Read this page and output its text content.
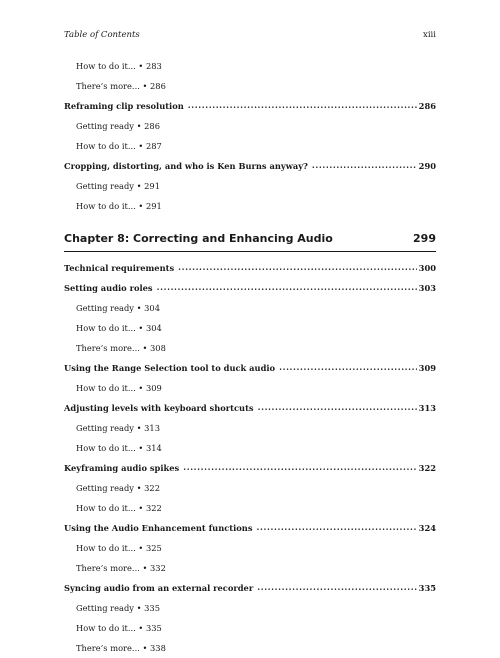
Table of Contents	xiii
How to do it... • 283
There’s more... • 286
Reframing clip resolution .....	286
Getting ready • 286
How to do it... • 287
Cropping, distorting, and who is Ken Burns anyway? .....	290
Getting ready • 291
How to do it... • 291
Chapter 8: Correcting and Enhancing Audio	299
Technical requirements .....	300
Setting audio roles .....	303
Getting ready • 304
How to do it... • 304
There’s more... • 308
Using the Range Selection tool to duck audio .....	309
How to do it... • 309
Adjusting levels with keyboard shortcuts .....	313
Getting ready • 313
How to do it... • 314
Keyframing audio spikes .....	322
Getting ready • 322
How to do it... • 322
Using the Audio Enhancement functions .....	324
How to do it... • 325
There’s more... • 332
Syncing audio from an external recorder .....	335
Getting ready • 335
How to do it... • 335
There’s more... • 338
